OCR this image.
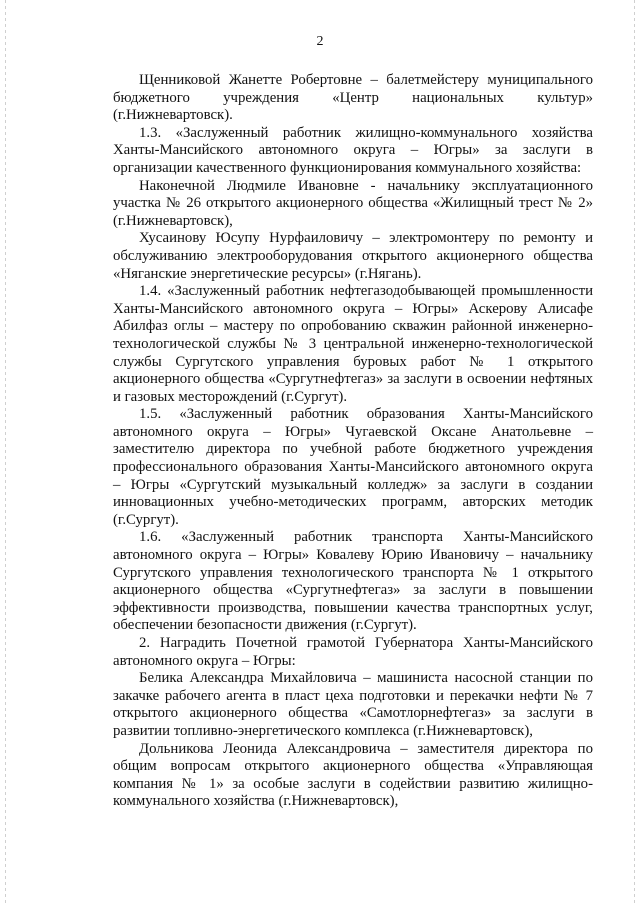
2

Щенниковой Жанетте Робертовне – балетмейстеру муниципального бюджетного учреждения «Центр национальных культур» (г.Нижневартовск).

1.3. «Заслуженный работник жилищно-коммунального хозяйства Ханты-Мансийского автономного округа – Югры» за заслуги в организации качественного функционирования коммунального хозяйства:

Наконечной Людмиле Ивановне - начальнику эксплуатационного участка № 26 открытого акционерного общества «Жилищный трест № 2» (г.Нижневартовск),

Хусаинову Юсупу Нурфаиловичу – электромонтеру по ремонту и обслуживанию электрооборудования открытого акционерного общества «Няганские энергетические ресурсы» (г.Нягань).

1.4. «Заслуженный работник нефтегазодобывающей промышленности Ханты-Мансийского автономного округа – Югры» Аскерову Алисафе Абилфаз оглы – мастеру по опробованию скважин районной инженерно-технологической службы № 3 центральной инженерно-технологической службы Сургутского управления буровых работ № 1 открытого акционерного общества «Сургутнефтегаз» за заслуги в освоении нефтяных и газовых месторождений (г.Сургут).

1.5. «Заслуженный работник образования Ханты-Мансийского автономного округа – Югры» Чугаевской Оксане Анатольевне – заместителю директора по учебной работе бюджетного учреждения профессионального образования Ханты-Мансийского автономного округа – Югры «Сургутский музыкальный колледж» за заслуги в создании инновационных учебно-методических программ, авторских методик (г.Сургут).

1.6. «Заслуженный работник транспорта Ханты-Мансийского автономного округа – Югры» Ковалеву Юрию Ивановичу – начальнику Сургутского управления технологического транспорта № 1 открытого акционерного общества «Сургутнефтегаз» за заслуги в повышении эффективности производства, повышении качества транспортных услуг, обеспечении безопасности движения (г.Сургут).

2. Наградить Почетной грамотой Губернатора Ханты-Мансийского автономного округа – Югры:

Белика Александра Михайловича – машиниста насосной станции по закачке рабочего агента в пласт цеха подготовки и перекачки нефти № 7 открытого акционерного общества «Самотлорнефтегаз» за заслуги в развитии топливно-энергетического комплекса (г.Нижневартовск),

Дольникова Леонида Александровича – заместителя директора по общим вопросам открытого акционерного общества «Управляющая компания № 1» за особые заслуги в содействии развитию жилищно-коммунального хозяйства (г.Нижневартовск),
